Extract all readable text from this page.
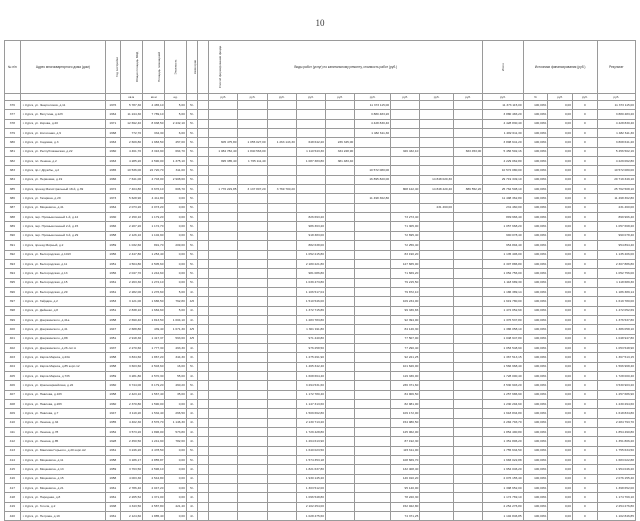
10
№ п/п	Адрес многоквартирного дома (дом)	Год постройки	Общая площадь МКД	Площадь помещений	Этажность	Категория	Способ формирования фонда	Виды работ (услуг) по капитальному ремонту, стоимость работ (руб.)									Итого	Источники финансирования (руб.)			Результат
			кв.м	кв.м	ед.			руб.	руб.	руб.	руб.	руб.	руб.	руб.	руб.	руб.	руб.	%	руб.	руб.	руб.
376	г. Курск, ул. Энергетиков, д.11	1976	5 787,30	4 465,10	5,00	5/-							11 373 115,00				11 373 115,00	100,00%	0,00	0	11 373 115,00
377	г. Курск, ул. Ватутина, д.12б	1964	11 244,30	7 789,10	5,00	5/-							3 880 483,20				3 880 483,20	100,00%	0,00	0	3 880 483,20
378	г. Курск, ул. Кирова, д.20	1971	12 692,40	8 938,50	2 432,10	5/-							4 428 830,40				4 428 830,40	100,00%	0,00	0	4 428 830,40
379	г. Курск, ул. Колхозная, д.9	1968	772,70	334,30	6,00	5/-							1 482 611,30				1 482 611,30	100,00%	0,00	0	1 482 611,30
380	г. Курск, ул. Садовая, д.3	1963	2 609,80	1 983,50	457,00	5/-		605 475,80	1 055 027,00	1 263 143,30	648 642,20	236 345,00					3 808 641,20	100,00%	0,00	0	3 808 641,20
381	г. Курск, ул. Республиканская, д.22	1960	4 461,70	3 316,90	664,70	5/-		1 084 782,40	1 840 563,00		1 110 543,30	334 228,90		326 432,10		663 453,00	5 456 502,16	100,00%	0,00	0	5 456 502,16
382	г. Курск, пл. Ленина, д.2	1963	4 285,20	2 590,00	1 375,10	5/-		995 385,40	1 765 111,40		1 087 383,80	381 483,40					4 229 062,80	100,00%	0,00	0	4 229 062,80
383	г. Курск, пр-т Дружбы, д.2	1965	10 536,00	22 720,70	311,00	5/-							10 572 080,00				10 572 080,00	100,00%	0,00	0	10 572 080,00
384	г. Курск, ул. Первомая, д.19	1966	7 641,00	4 703,00	2 908,60	5/-							16 895 820,00		14 848 020,30		29 719 349,10	100,00%	0,00	0	29 719 349,10
385	г. Курск, проезд Магистральный 18-й, д.39	1972	7 404,80	6 676,10	606,70	5/-		1 776 229,85	3 137 807,20	3 769 700,20				808 122,40	14 848 420,40	889 552,20	25 762 508,10	100,00%	0,00	0	25 762 508,10
386	г. Курск, ул. Гагарина, д.29	1973	5 628,90	4 411,80	0,00	5/-							11 498 362,80				11 498 362,80	100,00%	0,00	0	11 498 362,80
387	г. Курск, ул. Мицкевича, д.41	1964	2 073,20	2 073,20	0,00	5/-									231 460,00		231 460,00	100,00%	0,00	0	231 460,00
388	г. Курск, пер. Промышленный 1-й, д.12	1930	2 150,10	1 179,20	0,00	5/-					826 693,20			73 273,40			899 966,40	100,00%	0,00	0	899 966,40
389	г. Курск, пер. Промышленный 2-й, д.15	1966	2 207,20	1 172,70	0,00	5/-					986 363,20			71 305,00			1 057 668,20	100,00%	0,00	0	1 057 668,20
390	г. Курск, пер. Промышленный 3-й, д.29	1958	2 126,10	1 102,90	0,00	5/-					918 383,00			72 695,40			990 078,40	100,00%	0,00	0	990 078,40
391	г. Курск, проезд Мирный, д.2	1959	1 032,60	891,70	209,00	5/-					882 638,00			72 256,40			954 894,40	100,00%	0,00	0	954 894,40
392	г. Курск, ул. Белгородская, д.101б	1956	2 447,80	1 253,40	0,00	5/-					1 052 215,80			83 190,20			1 135 406,00	100,00%	0,00	0	1 135 406,00
393	г. Курск, ул. Белгородская, д.11	1951	4 504,80	2 505,60	0,00	5/-					2 180 221,80			127 665,00			2 307 886,80	100,00%	0,00	0	2 307 886,80
394	г. Курск, ул. Белгородская, д.13	1956	2 047,70	1 244,60	0,00	5/-					981 086,80			71 669,20			1 052 756,00	100,00%	0,00	0	1 052 756,00
395	г. Курск, ул. Белгородская, д.15	1961	2 263,30	1 272,10	0,00	5/-					1 039 473,80			79 215,50			1 118 689,30	100,00%	0,00	0	1 118 689,30
396	г. Курск, ул. Белгородская, д.29	1961	2 282,00	1 276,60	5,00	4/-					1 106 517,04			79 872,10			1 186 389,14	100,00%	0,00	0	1 186 389,14
397	г. Курск, ул. Гайдара, д.2	1953	3 121,00	1 686,50	762,80	4/6					1 510 546,00			109 234,00			1 619 780,00	100,00%	0,00	0	1 619 780,00
398	г. Курск, ул. Дейнеки, д.8	1951	2 838,10	1 684,60	5,00	4/-					1 372 715,86			99 336,83			1 472 052,69	100,00%	0,00	0	1 472 052,69
399	г. Курск, ул. Дзержинского, д.41а	1958	2 690,40	1 813,50	1 004,10	4/-					1 283 783,80			92 394,00			1 376 537,80	100,00%	0,00	0	1 376 537,80
400	г. Курск, ул. Дзержинского, д.41	1947	2 688,80	439,40	1 671,30	4/5					1 301 911,80			84 146,30			1 386 058,10	100,00%	0,00	0	1 386 058,10
401	г. Курск, ул. Дзержинского, д.88	1951	2 918,30	1 417,37	593,60	4/5					971 440,80			77 507,00			1 048 947,80	100,00%	0,00	0	1 048 947,80
402	г. Курск, ул. Дзержинского, д.26 лит.А	1937	2 270,60	1 777,30	493,30	4/-					976 258,50			77 290,40			1 053 548,90	100,00%	0,00	0	1 053 548,90
403	г. Курск, ул. Карла Маркса, д.23А	1958	3 834,60	1 867,20	344,30	3/-					1 275 291,90			92 221,25			1 367 513,15	100,00%	0,00	0	1 367 513,15
404	г. Курск, ул. Карла Маркса, д.85 корп.12	1958	3 603,60	2 503,60	16,00	5/-					1 465 342,40			101 626,00			1 566 968,40	100,00%	0,00	0	1 566 968,40
405	г. Курск, ул. Карла Маркса, д.73б	1959	3 281,80	2 570,30	55,00	4/-					1 608 664,40			119 336,00			1 728 000,40	100,00%	0,00	0	1 728 000,40
406	г. Курск, ул. Красноармейская, д.22	1960	9 744,00	6 179,20	460,20	5/-					3 294 531,60			236 371,60			3 530 903,20	100,00%	0,00	0	3 530 903,20
407	г. Курск, ул. Павлова, д.10б	1958	2 423,10	1 567,40	35,00	4/-					1 172 780,40			84 906,50			1 257 686,90	100,00%	0,00	0	1 257 686,90
408	г. Курск, ул. Павлова, д.20б	1960	2 370,80	1 590,00	0,00	4/-					1 147 313,60			82 981,00			1 230 294,60	100,00%	0,00	0	1 230 294,60
409	г. Курск, ул. Павлова, д.7	1947	3 119,20	1 532,40	266,50	4/-					1 509 662,80			109 172,00			1 618 834,80	100,00%	0,00	0	1 618 834,80
410	г. Курск, ул. Ленина, д.34	1955	4 402,30	3 576,70	1 146,30	4/-					2 130 713,20			154 080,50			2 284 793,70	100,00%	0,00	0	2 284 793,70
411	г. Курск, ул. Ленина, д.78	1952	3 573,20	1 896,00	573,80	4/-					1 729 428,80			125 062,00			1 854 490,80	100,00%	0,00	0	1 854 490,80
412	г. Курск, ул. Ленина, д.85	1928	2 450,50	1 241,90	782,60	4/-					1 264 613,90			87 192,30			1 351 806,20	100,00%	0,00	0	1 351 806,20
413	г. Курск, ул. Максима Горького, д.20 корп.А2	1961	3 246,20	2 478,50	0,00	5/-					1 640 023,50			115 611,00			1 755 634,50	100,00%	0,00	0	1 755 634,50
414	г. Курск, ул. Мицкевича, д.11	1958	3 186,17	2 855,87	0,00	5/-					1 574 353,18			108 669,70			1 683 022,88	100,00%	0,00	0	1 683 022,88
415	г. Курск, ул. Мицкевича, д.13	1959	3 763,50	2 596,10	0,00	4/-					1 821 637,80			132 408,40			1 954 046,20	100,00%	0,00	0	1 954 046,20
416	г. Курск, ул. Мицкевича, д.15	1958	4 003,30	2 544,80	0,00	4/-					1 930 145,20			146 010,20			2 076 155,40	100,00%	0,00	0	2 076 155,40
417	г. Курск, ул. Мицкевича, д.21	1961	2 786,40	2 047,20	0,00	5/-					1 303 512,00			95 140,00			1 398 652,00	100,00%	0,00	0	1 398 652,00
418	г. Курск, ул. Народная, д.8	1961	2 265,52	1 371,00	0,00	4/-					1 096 548,80			78 220,30			1 174 769,10	100,00%	0,00	0	1 174 769,10
419	г. Курск, ул. Гоголя, д.2	1938	4 343,50	2 587,80	421,40	4/-					2 102 254,00			152 022,80			2 254 276,80	100,00%	0,00	0	2 254 276,80
420	г. Курск, ул. Петрова, д.19	1961	2 124,60	1 885,40	0,00	4/-					1 028 475,60			74 371,25			1 102 846,85	100,00%	0,00	0	1 102 846,85
